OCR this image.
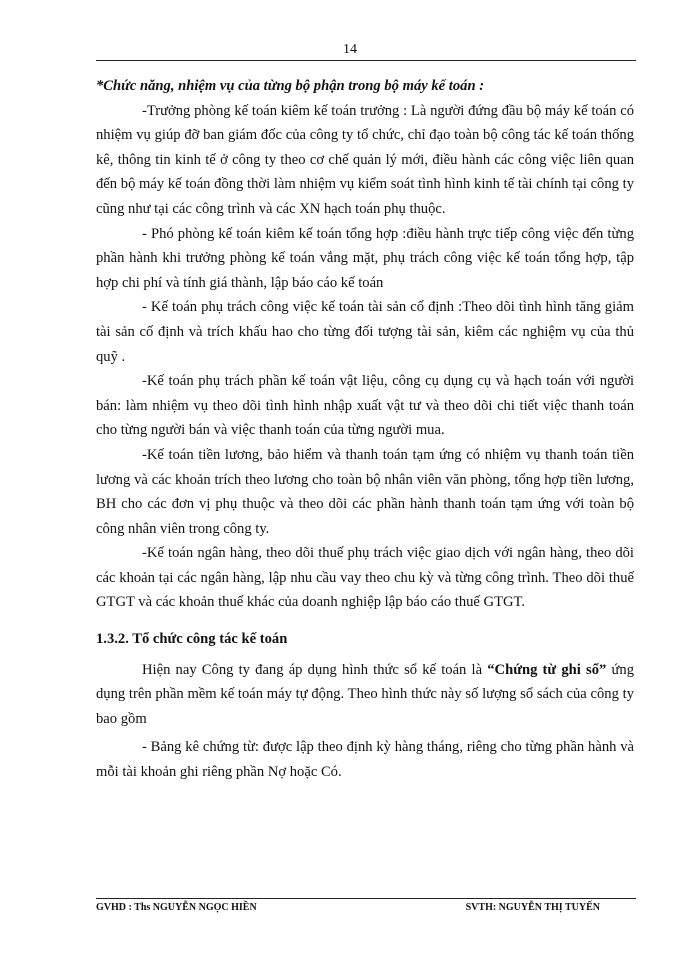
14

*Chức năng, nhiệm vụ của từng bộ phận trong bộ máy kế toán :

-Trưởng phòng kế toán kiêm kế toán trưởng : Là người đứng đầu bộ máy kế toán có nhiệm vụ giúp đỡ ban giám đốc của công ty tổ chức, chỉ đạo toàn bộ công tác kế toán thống kê, thông tin kinh tế ở công ty theo cơ chế quản lý mới, điều hành các công việc liên quan đến bộ máy kế toán đồng thời làm nhiệm vụ kiểm soát tình hình kinh tế tài chính tại công ty cũng như tại các công trình và các XN hạch toán phụ thuộc.

- Phó phòng kế toán kiêm kế toán tổng hợp :điều hành trực tiếp công việc đến từng phần hành khi trưởng phòng kế toán vắng mặt, phụ trách công việc kế toán tổng hợp, tập hợp chi phí và tính giá thành, lập báo cáo kế toán

- Kế toán phụ trách công việc kế toán tài sản cố định :Theo dõi tình hình tăng giảm tài sản cố định và trích khấu hao cho từng đối tượng tài sản, kiêm các nghiệm vụ của thủ quỹ .

-Kế toán phụ trách phần kế toán vật liệu, công cụ dụng cụ và hạch toán với người bán: làm nhiệm vụ theo dõi tình hình nhập xuất vật tư và theo dõi chi tiết việc thanh toán cho từng người bán và việc thanh toán của từng người mua.

-Kế toán tiền lương, bảo hiểm và thanh toán tạm ứng có nhiệm vụ thanh toán tiền lương và các khoản trích theo lương cho toàn bộ nhân viên văn phòng, tổng hợp tiền lương, BH cho các đơn vị phụ thuộc và theo dõi các phần hành thanh toán tạm ứng với toàn bộ công nhân viên trong công ty.

-Kế toán ngân hàng, theo dõi thuế phụ trách việc giao dịch với ngân hàng, theo dõi các khoản tại các ngân hàng, lập nhu cầu vay theo chu kỳ và từng công trình. Theo dõi thuế GTGT và các khoản thuế khác của doanh nghiệp lập báo cáo thuế GTGT.

1.3.2. Tổ chức công tác kế toán

Hiện nay Công ty đang áp dụng hình thức sổ kế toán là “Chứng từ ghi sổ” ứng dụng trên phần mềm kế toán máy tự động. Theo hình thức này số lượng sổ sách của công ty bao gồm

- Bảng kê chứng từ: được lập theo định kỳ hàng tháng, riêng cho từng phần hành và mỗi tài khoản ghi riêng phần Nợ hoặc Có.

GVHD : Ths NGUYỄN NGỌC HIỀN	SVTH: NGUYỄN THỊ TUYẾN
